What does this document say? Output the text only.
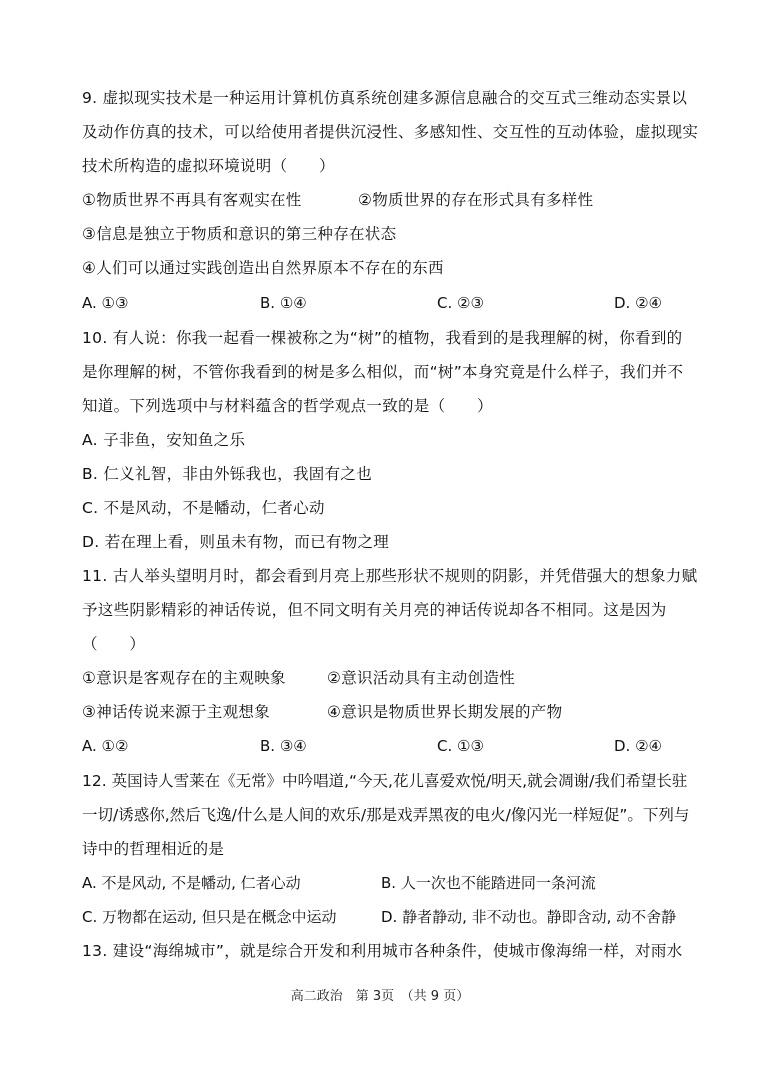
9. 虚拟现实技术是一种运用计算机仿真系统创建多源信息融合的交互式三维动态实景以
及动作仿真的技术，可以给使用者提供沉浸性、多感知性、交互性的互动体验，虚拟现实
技术所构造的虚拟环境说明（　　）
①物质世界不再具有客观实在性	②物质世界的存在形式具有多样性
③信息是独立于物质和意识的第三种存在状态
④人们可以通过实践创造出自然界原本不存在的东西
A. ①③	B. ①④	C. ②③	D. ②④
10. 有人说：你我一起看一棵被称之为“树”的植物，我看到的是我理解的树，你看到的
是你理解的树，不管你我看到的树是多么相似，而“树”本身究竟是什么样子，我们并不
知道。下列选项中与材料蕴含的哲学观点一致的是（　　）
A. 子非鱼，安知鱼之乐
B. 仁义礼智，非由外铄我也，我固有之也
C. 不是风动，不是幡动，仁者心动
D. 若在理上看，则虽未有物，而已有物之理
11. 古人举头望明月时，都会看到月亮上那些形状不规则的阴影，并凭借强大的想象力赋
予这些阴影精彩的神话传说，但不同文明有关月亮的神话传说却各不相同。这是因为
（　　）
①意识是客观存在的主观映象	②意识活动具有主动创造性
③神话传说来源于主观想象	④意识是物质世界长期发展的产物
A. ①②	B. ③④	C. ①③	D. ②④
12. 英国诗人雪莱在《无常》中吟唱道,“今天,花儿喜爱欢悦/明天,就会凋谢/我们希望长驻
一切/诱惑你,然后飞逸/什么是人间的欢乐/那是戏弄黑夜的电火/像闪光一样短促”。下列与
诗中的哲理相近的是
A. 不是风动, 不是幡动, 仁者心动	B. 人一次也不能踏进同一条河流
C. 万物都在运动, 但只是在概念中运动	D. 静者静动, 非不动也。静即含动, 动不舍静
13. 建设“海绵城市”，就是综合开发和利用城市各种条件，使城市像海绵一样，对雨水
高二政治　第 3页　（共 9 页）
